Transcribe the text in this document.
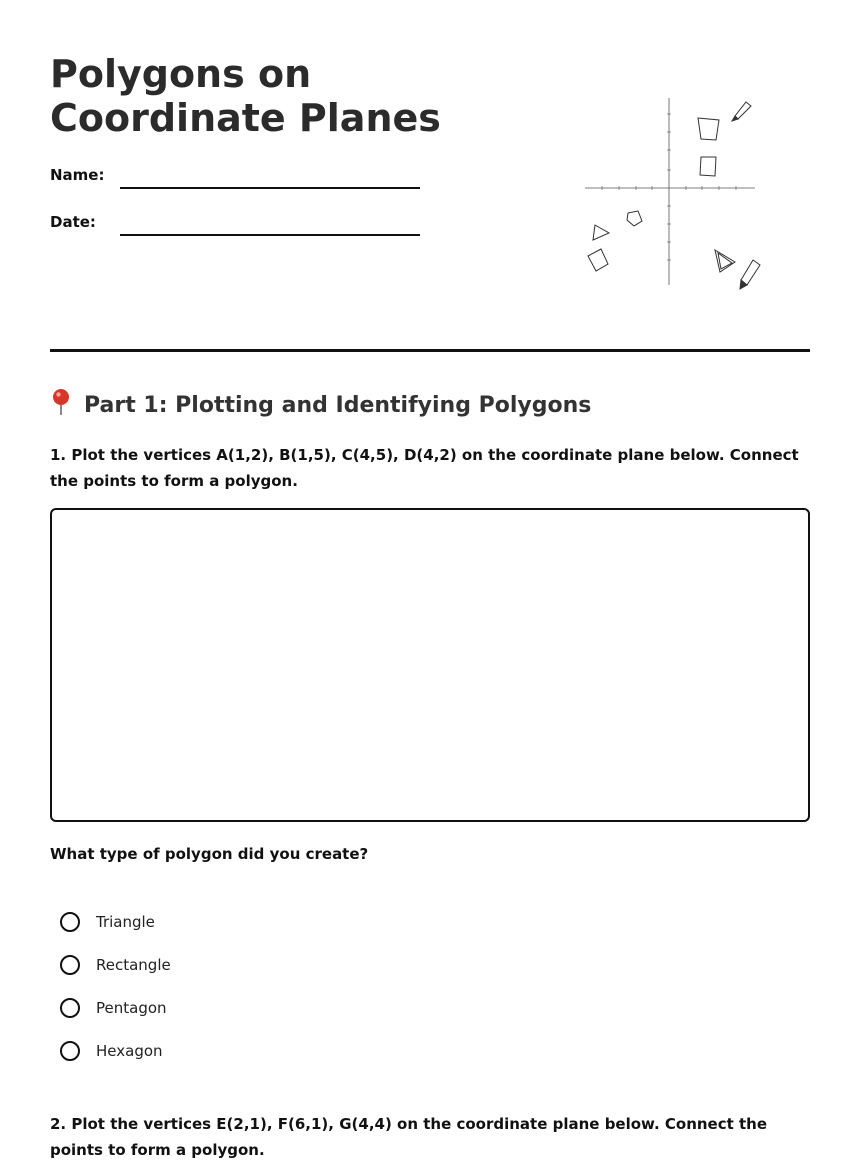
Polygons on Coordinate Planes
Name:
Date:
Part 1: Plotting and Identifying Polygons

1. Plot the vertices A(1,2), B(1,5), C(4,5), D(4,2) on the coordinate plane below. Connect the points to form a polygon.

What type of polygon did you create?
Triangle
Rectangle
Pentagon
Hexagon

2. Plot the vertices E(2,1), F(6,1), G(4,4) on the coordinate plane below. Connect the points to form a polygon.
